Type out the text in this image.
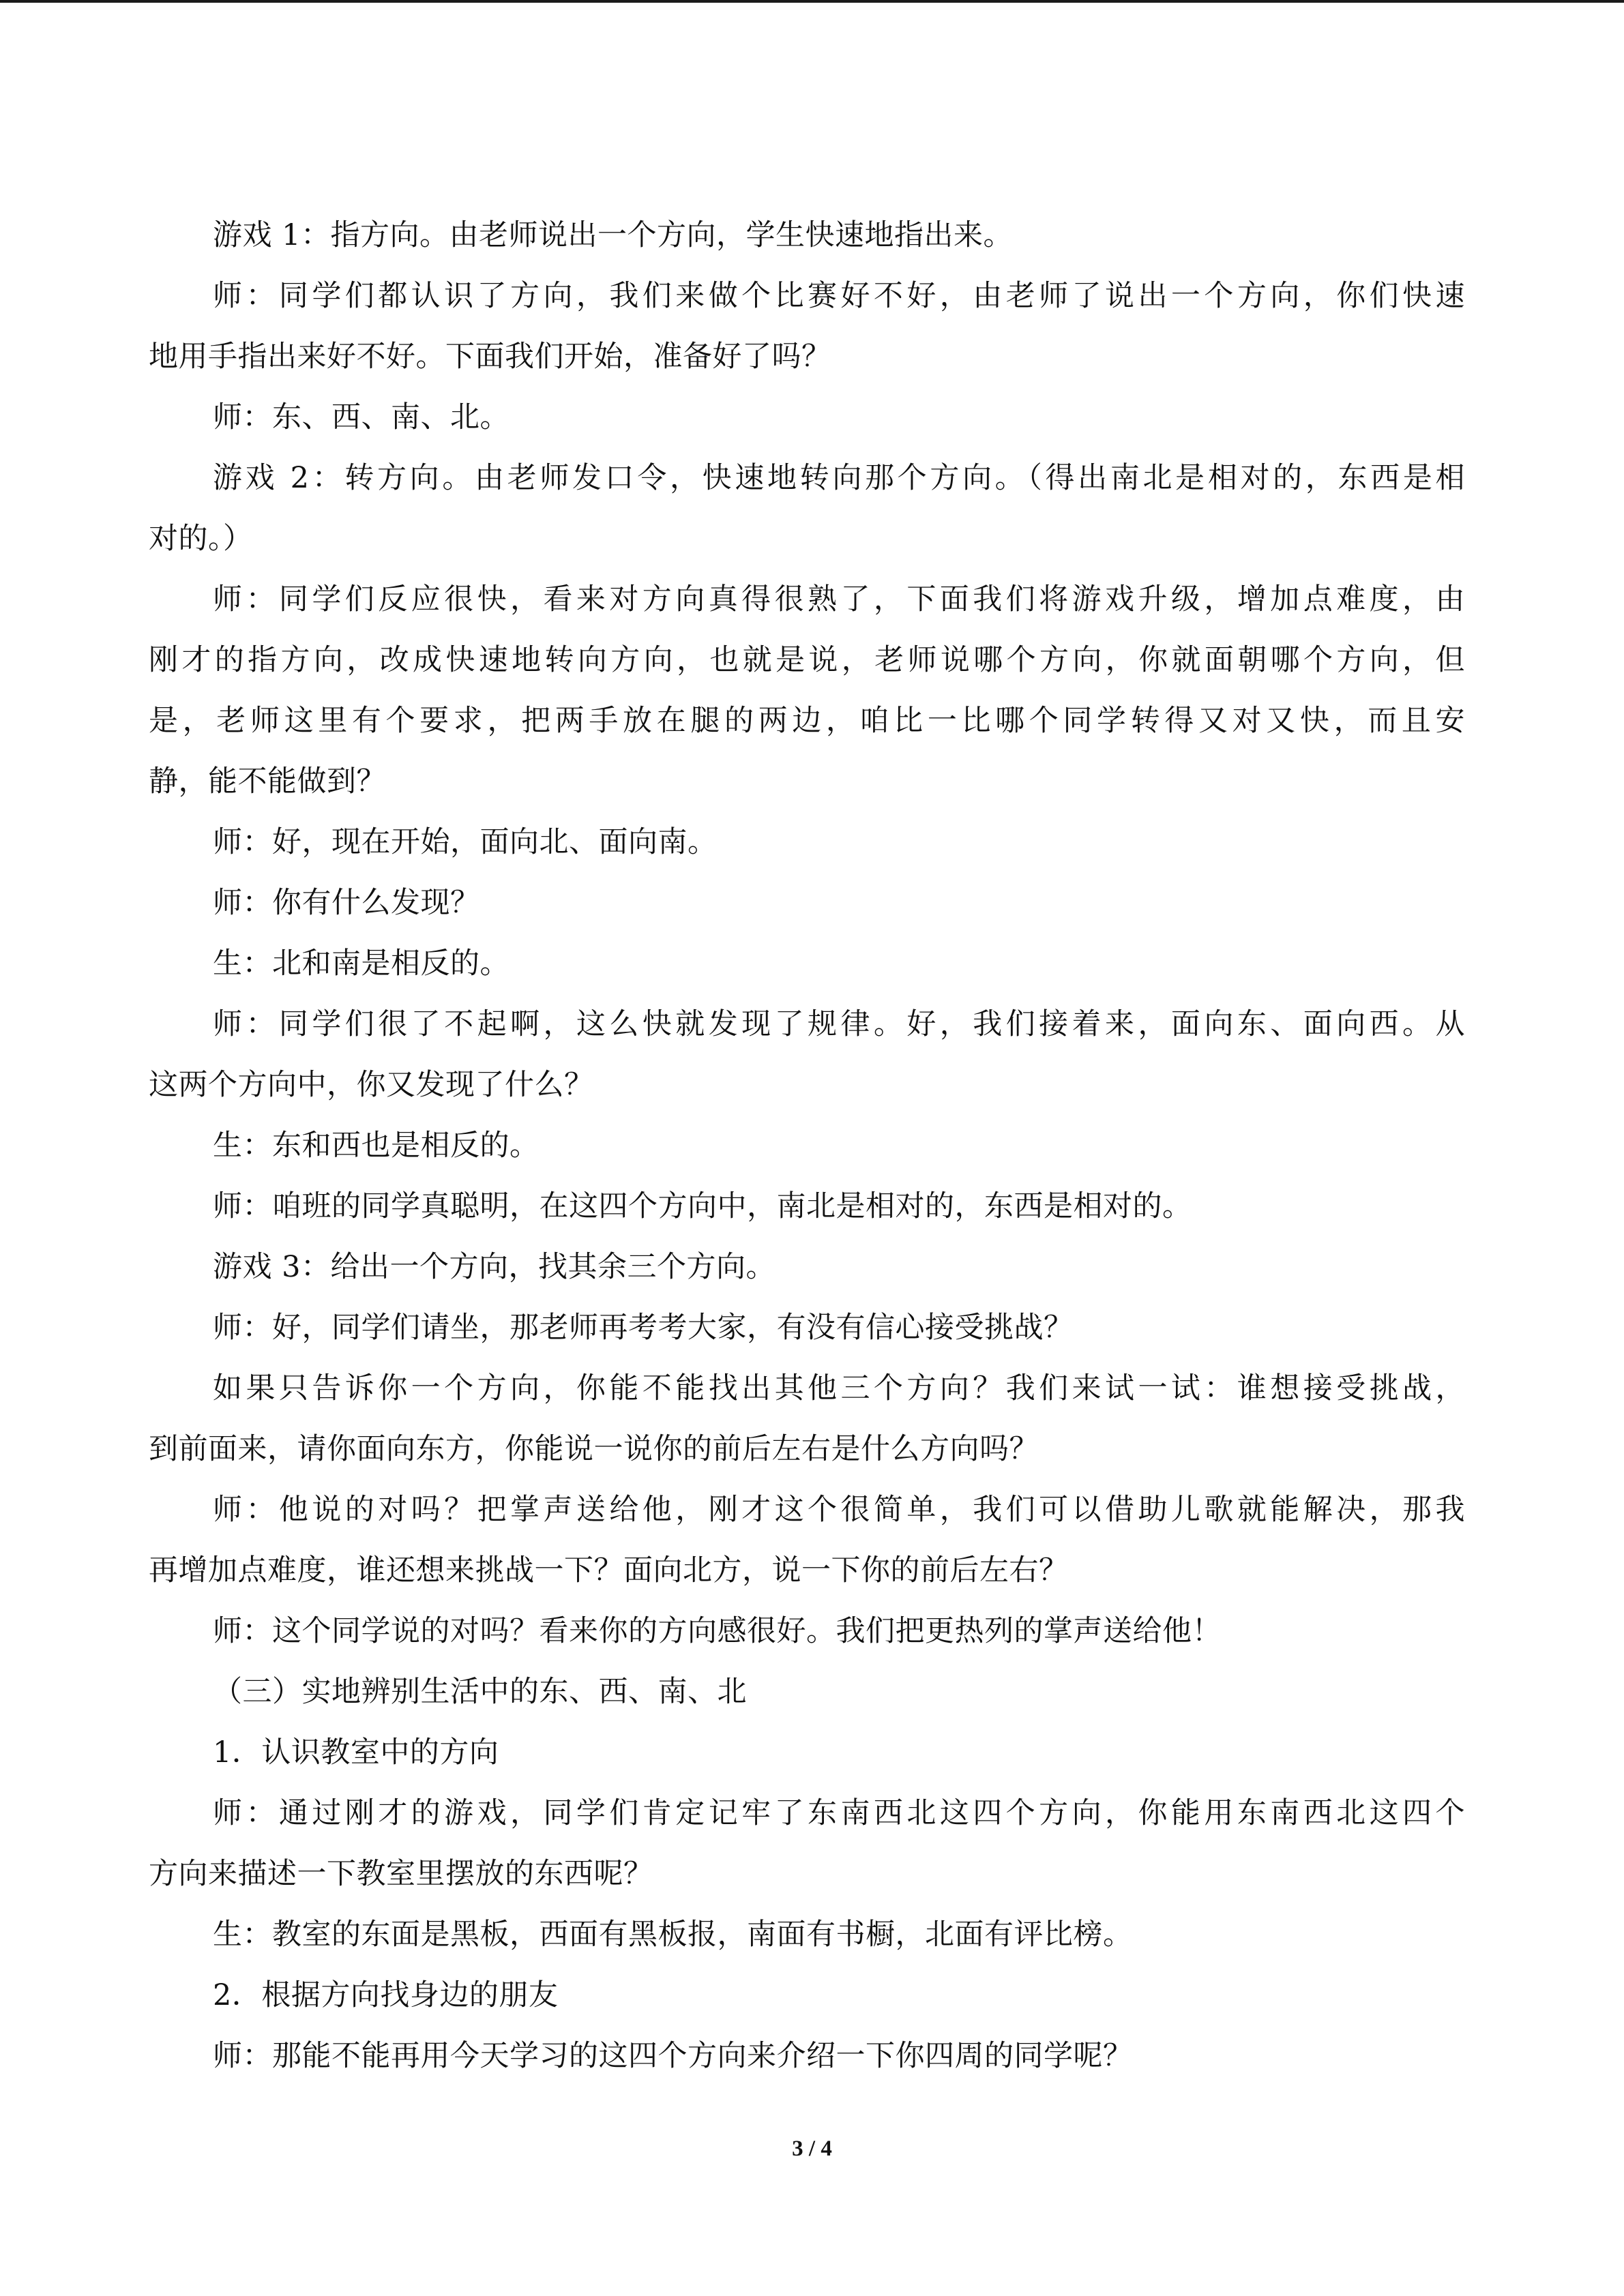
游戏 1：指方向。由老师说出一个方向，学生快速地指出来。
师：同学们都认识了方向，我们来做个比赛好不好，由老师了说出一个方向，你们快速
地用手指出来好不好。下面我们开始，准备好了吗？
师：东、西、南、北。
游戏 2：转方向。由老师发口令，快速地转向那个方向。（得出南北是相对的，东西是相
对的。）
师：同学们反应很快，看来对方向真得很熟了，下面我们将游戏升级，增加点难度，由
刚才的指方向，改成快速地转向方向，也就是说，老师说哪个方向，你就面朝哪个方向，但
是，老师这里有个要求，把两手放在腿的两边，咱比一比哪个同学转得又对又快，而且安
静，能不能做到？
师：好，现在开始，面向北、面向南。
师：你有什么发现？
生：北和南是相反的。
师：同学们很了不起啊，这么快就发现了规律。好，我们接着来，面向东、面向西。从
这两个方向中，你又发现了什么？
生：东和西也是相反的。
师：咱班的同学真聪明，在这四个方向中，南北是相对的，东西是相对的。
游戏 3：给出一个方向，找其余三个方向。
师：好，同学们请坐，那老师再考考大家，有没有信心接受挑战？
如果只告诉你一个方向，你能不能找出其他三个方向？我们来试一试：谁想接受挑战，
到前面来，请你面向东方，你能说一说你的前后左右是什么方向吗？
师：他说的对吗？把掌声送给他，刚才这个很简单，我们可以借助儿歌就能解决，那我
再增加点难度，谁还想来挑战一下？面向北方，说一下你的前后左右？
师：这个同学说的对吗？看来你的方向感很好。我们把更热列的掌声送给他！
（三）实地辨别生活中的东、西、南、北
1．认识教室中的方向
师：通过刚才的游戏，同学们肯定记牢了东南西北这四个方向，你能用东南西北这四个
方向来描述一下教室里摆放的东西呢？
生：教室的东面是黑板，西面有黑板报，南面有书橱，北面有评比榜。
2．根据方向找身边的朋友
师：那能不能再用今天学习的这四个方向来介绍一下你四周的同学呢？
3 / 4
